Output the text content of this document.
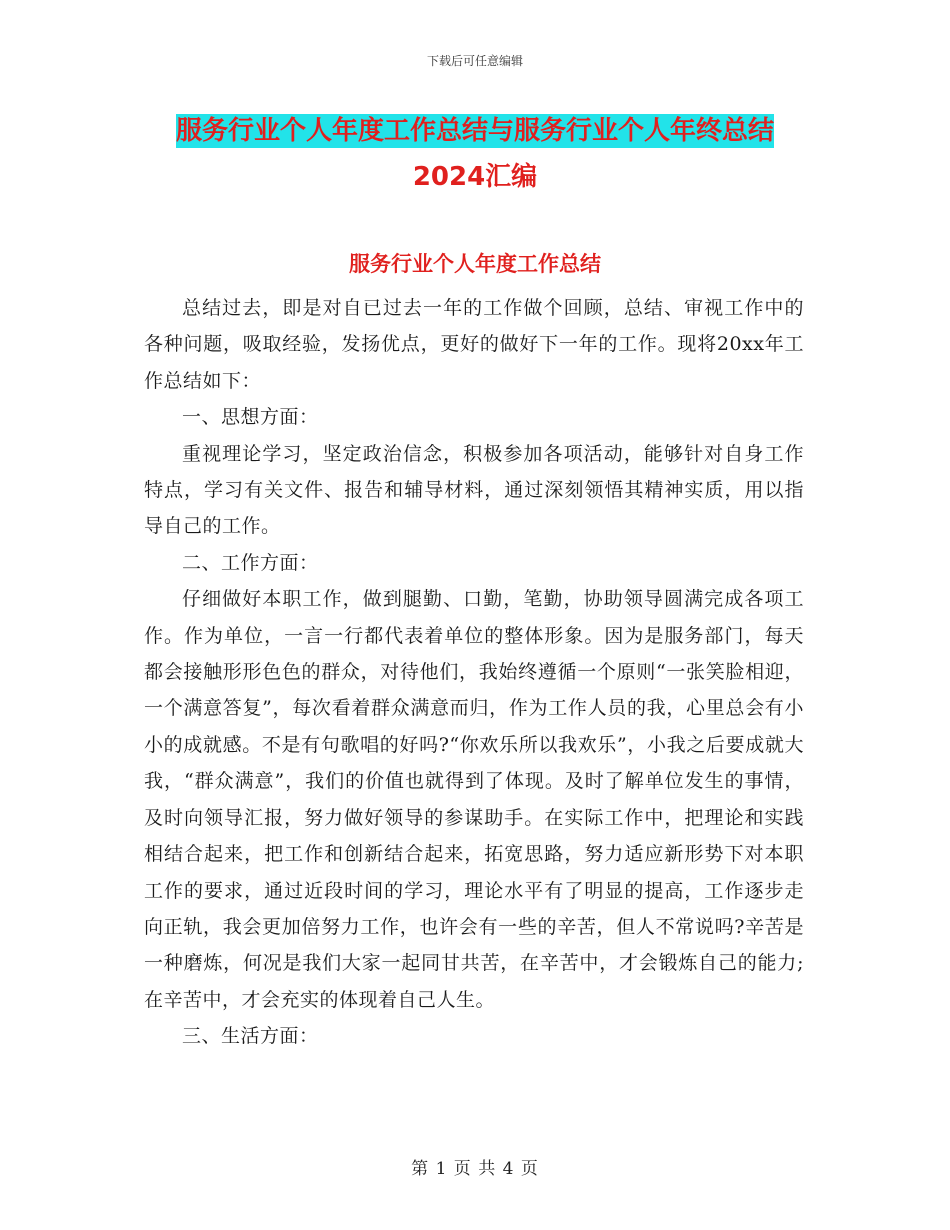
下载后可任意编辑
服务行业个人年度工作总结与服务行业个人年终总结
2024汇编
服务行业个人年度工作总结

总结过去，即是对自已过去一年的工作做个回顾，总结、审视工作中的各种问题，吸取经验，发扬优点，更好的做好下一年的工作。现将20xx年工作总结如下：

一、思想方面：

重视理论学习，坚定政治信念，积极参加各项活动，能够针对自身工作特点，学习有关文件、报告和辅导材料，通过深刻领悟其精神实质，用以指导自己的工作。

二、工作方面：

仔细做好本职工作，做到腿勤、口勤，笔勤，协助领导圆满完成各项工作。作为单位，一言一行都代表着单位的整体形象。因为是服务部门，每天都会接触形形色色的群众，对待他们，我始终遵循一个原则“一张笑脸相迎，一个满意答复”，每次看着群众满意而归，作为工作人员的我，心里总会有小小的成就感。不是有句歌唱的好吗?“你欢乐所以我欢乐”，小我之后要成就大我，“群众满意”，我们的价值也就得到了体现。及时了解单位发生的事情，及时向领导汇报，努力做好领导的参谋助手。在实际工作中，把理论和实践相结合起来，把工作和创新结合起来，拓宽思路，努力适应新形势下对本职工作的要求，通过近段时间的学习，理论水平有了明显的提高，工作逐步走向正轨，我会更加倍努力工作，也许会有一些的辛苦，但人不常说吗?辛苦是一种磨炼，何况是我们大家一起同甘共苦，在辛苦中，才会锻炼自己的能力;在辛苦中，才会充实的体现着自己人生。

三、生活方面：

第 1 页 共 4 页
